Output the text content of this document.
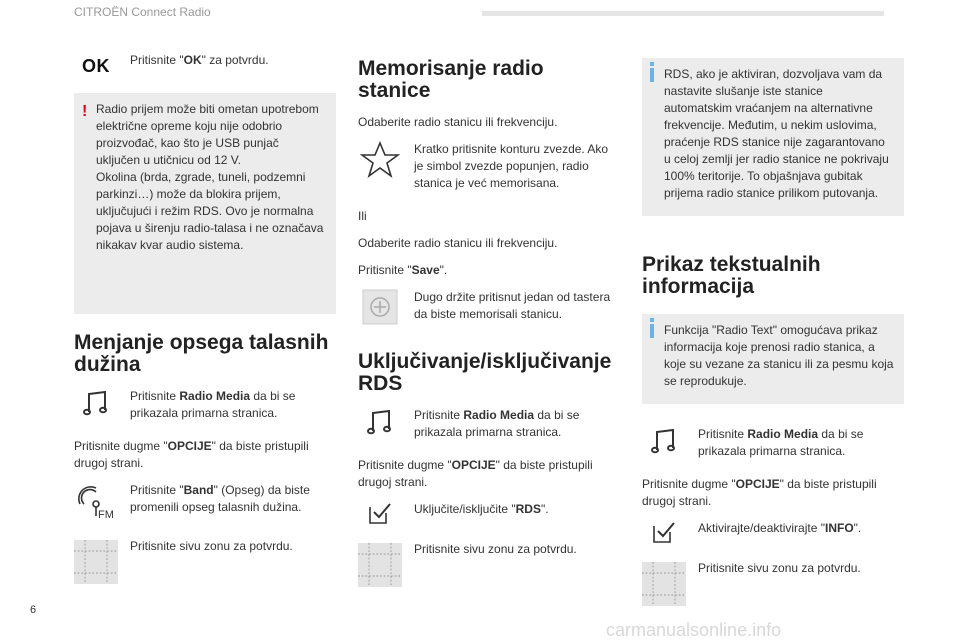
CITROËN Connect Radio
OK Pritisnite "OK" za potvrdu.
! Radio prijem može biti ometan upotrebom električne opreme koju nije odobrio proizvođač, kao što je USB punjač uključen u utičnicu od 12 V.
Okolina (brda, zgrade, tuneli, podzemni parkinzi…) može da blokira prijem, uključujući i režim RDS. Ovo je normalna pojava u širenju radio-talasa i ne označava nikakav kvar audio sistema.
Menjanje opsega talasnih dužina
Pritisnite Radio Media da bi se prikazala primarna stranica.

Pritisnite dugme "OPCIJE" da biste pristupili drugoj strani.

FM
Pritisnite "Band" (Opseg) da biste promenili opseg talasnih dužina.
Pritisnite sivu zonu za potvrdu.
Memorisanje radio stanice

Odaberite radio stanicu ili frekvenciju.

Kratko pritisnite konturu zvezde. Ako je simbol zvezde popunjen, radio stanica je već memorisana.

Ili

Odaberite radio stanicu ili frekvenciju.

Pritisnite "Save".

Dugo držite pritisnut jedan od tastera da biste memorisali stanicu.
Uključivanje/isključivanje RDS
Pritisnite Radio Media da bi se prikazala primarna stranica.

Pritisnite dugme "OPCIJE" da biste pristupili drugoj strani.

Uključite/isključite "RDS".
Pritisnite sivu zonu za potvrdu.
RDS, ako je aktiviran, dozvoljava vam da nastavite slušanje iste stanice automatskim vraćanjem na alternativne frekvencije. Međutim, u nekim uslovima, praćenje RDS stanice nije zagarantovano u celoj zemlji jer radio stanice ne pokrivaju 100% teritorije. To objašnjava gubitak prijema radio stanice prilikom putovanja.
Prikaz tekstualnih informacija
Funkcija "Radio Text" omogućava prikaz informacija koje prenosi radio stanica, a koje su vezane za stanicu ili za pesmu koja se reprodukuje.
Pritisnite Radio Media da bi se prikazala primarna stranica.

Pritisnite dugme "OPCIJE" da biste pristupili drugoj strani.

Aktivirajte/deaktivirajte "INFO".
Pritisnite sivu zonu za potvrdu.
6
carmanualsonline.info
